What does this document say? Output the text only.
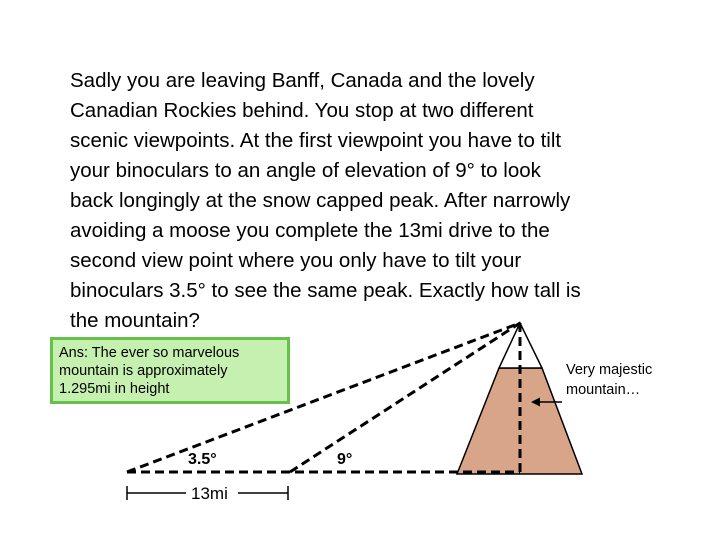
Sadly you are leaving Banff, Canada and the lovely
Canadian Rockies behind. You stop at two different
scenic viewpoints. At the first viewpoint you have to tilt
your binoculars to an angle of elevation of 9° to look
back longingly at the snow capped peak. After narrowly
avoiding a moose you complete the 13mi drive to the
second view point where you only have to tilt your
binoculars 3.5° to see the same peak. Exactly how tall is
the mountain?

Ans: The ever so marvelous
mountain is approximately
1.295mi in height
Very majestic
mountain…
3.5°	9°
13mi
